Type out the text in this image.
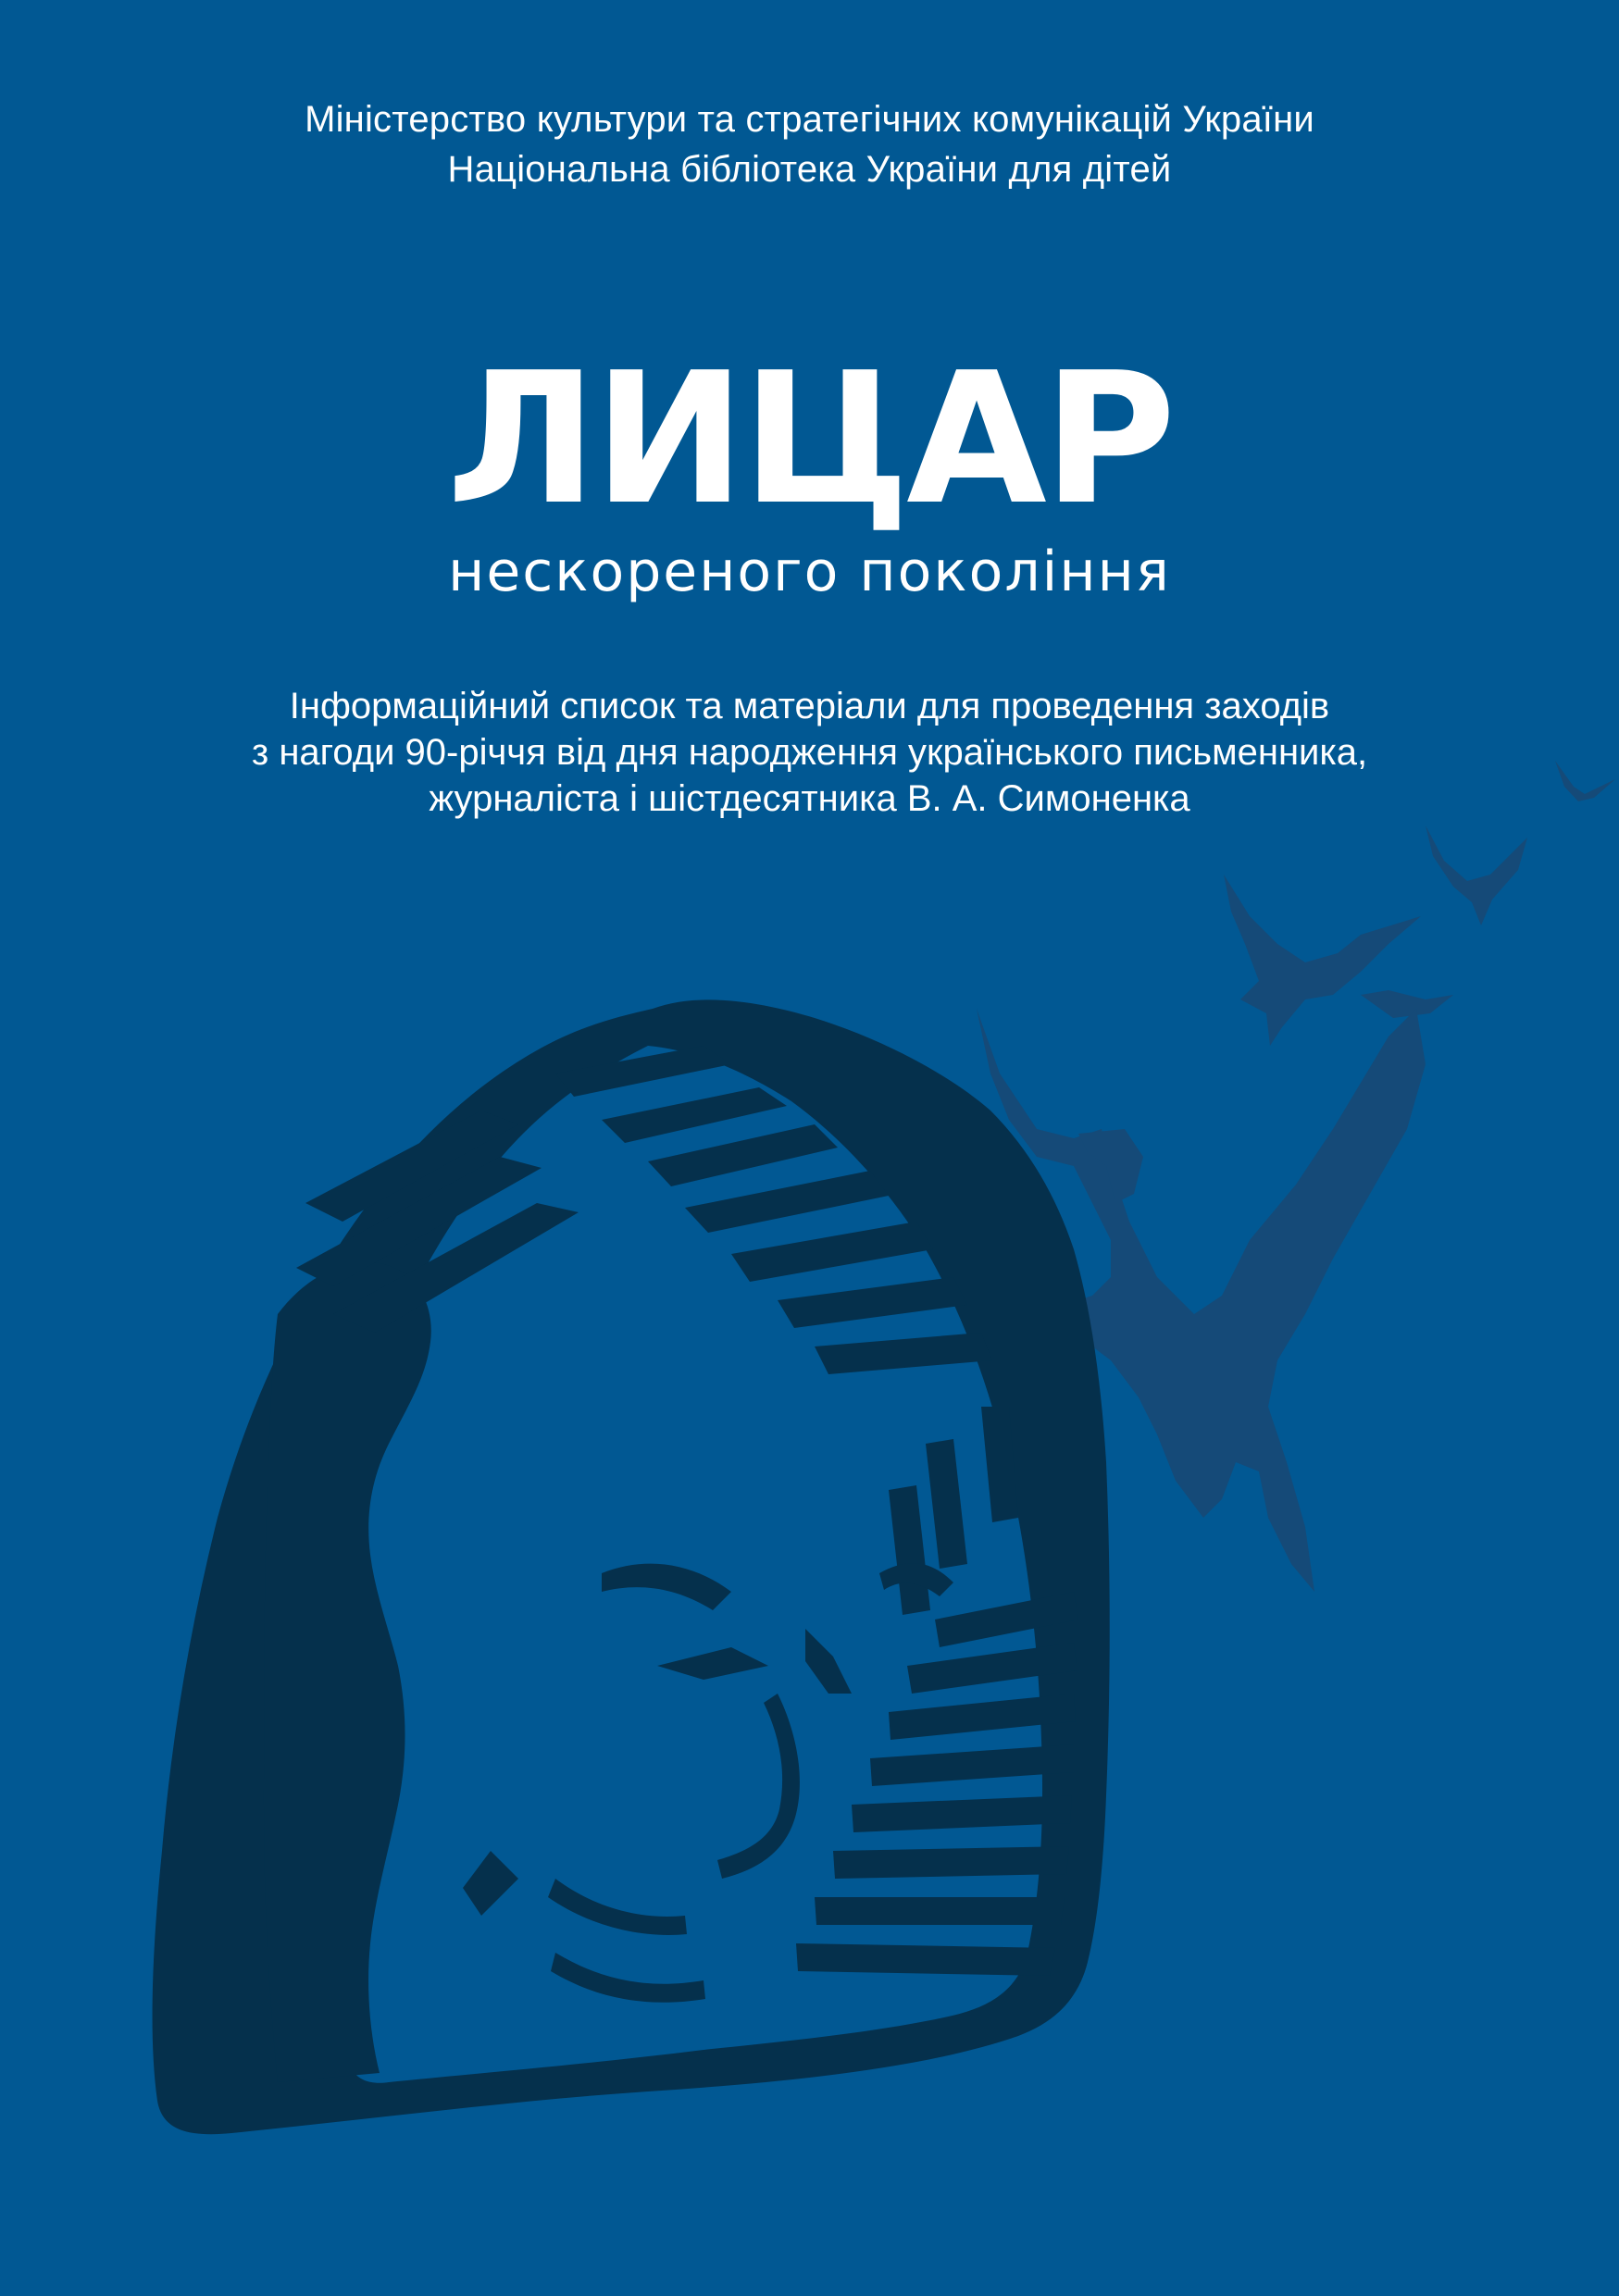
Міністерство культури та стратегічних комунікацій України
Національна бібліотека України для дітей
ЛИЦАР
нескореного покоління
Інформаційний список та матеріали для проведення заходів
з нагоди 90-річчя від дня народження українського письменника,
журналіста і шістдесятника В. А. Симоненка
